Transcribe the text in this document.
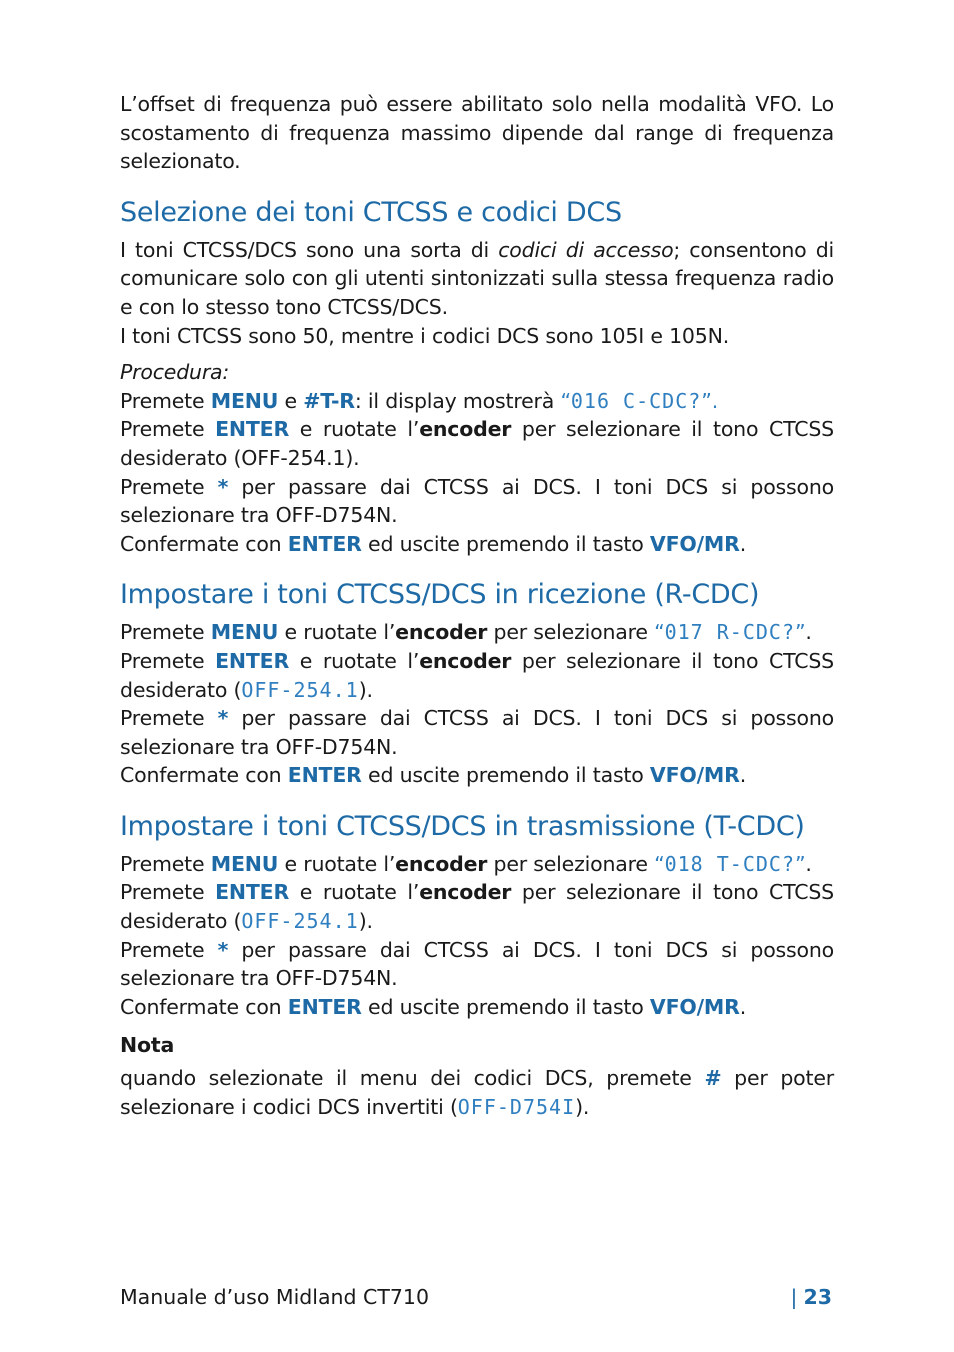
L’offset di frequenza può essere abilitato solo nella modalità VFO. Lo scostamento di frequenza massimo dipende dal range di frequenza selezionato.

Selezione dei toni CTCSS e codici DCS

I toni CTCSS/DCS sono una sorta di codici di accesso; consentono di comunicare solo con gli utenti sintonizzati sulla stessa frequenza radio e con lo stesso tono CTCSS/DCS.

I toni CTCSS sono 50, mentre i codici DCS sono 105I e 105N.

Procedura:

Premete MENU e #T-R: il display mostrerà “016 C-CDC?”.

Premete ENTER e ruotate l’encoder per selezionare il tono CTCSS desiderato (OFF-254.1).

Premete * per passare dai CTCSS ai DCS. I toni DCS si possono selezionare tra OFF-D754N.

Confermate con ENTER ed uscite premendo il tasto VFO/MR.

Impostare i toni CTCSS/DCS in ricezione (R-CDC)

Premete MENU e ruotate l’encoder per selezionare “017 R-CDC?”.

Premete ENTER e ruotate l’encoder per selezionare il tono CTCSS desiderato (OFF-254.1).

Premete * per passare dai CTCSS ai DCS. I toni DCS si possono selezionare tra OFF-D754N.

Confermate con ENTER ed uscite premendo il tasto VFO/MR.

Impostare i toni CTCSS/DCS in trasmissione (T-CDC)

Premete MENU e ruotate l’encoder per selezionare “018 T-CDC?”.

Premete ENTER e ruotate l’encoder per selezionare il tono CTCSS desiderato (OFF-254.1).

Premete * per passare dai CTCSS ai DCS. I toni DCS si possono selezionare tra OFF-D754N.

Confermate con ENTER ed uscite premendo il tasto VFO/MR.

Nota

quando selezionate il menu dei codici DCS, premete # per poter selezionare i codici DCS invertiti (OFF-D754I).

Manuale d’uso Midland CT710	| 23
